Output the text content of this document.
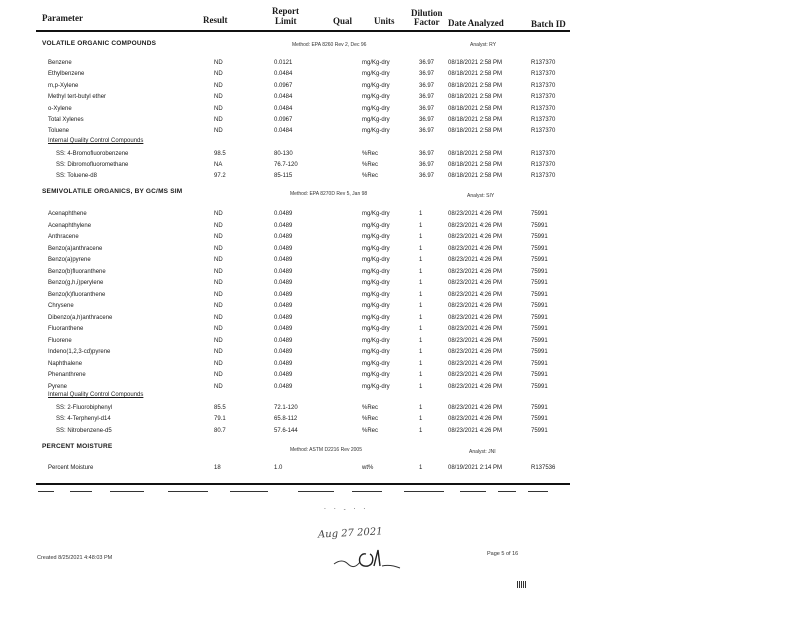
Parameter	Result
Report
Limit	Qual Units
Dilution
Factor Date Analyzed	Batch ID
VOLATILE ORGANIC COMPOUNDS	Method: EPA 8260 Rev 2, Dec 96	Analyst: RY
Benzene	ND	0.0121	mg/Kg-dry	36.97 08/18/2021 2:58 PM	R137370
Ethylbenzene	ND	0.0484	mg/Kg-dry	36.97 08/18/2021 2:58 PM	R137370
m,p-Xylene	ND	0.0967	mg/Kg-dry	36.97 08/18/2021 2:58 PM	R137370
Methyl tert-butyl ether	ND	0.0484	mg/Kg-dry	36.97 08/18/2021 2:58 PM	R137370
o-Xylene	ND	0.0484	mg/Kg-dry	36.97 08/18/2021 2:58 PM	R137370
Total Xylenes	ND	0.0967	mg/Kg-dry	36.97 08/18/2021 2:58 PM	R137370
Toluene	ND	0.0484	mg/Kg-dry	36.97 08/18/2021 2:58 PM	R137370
Internal Quality Control Compounds
SS: 4-Bromofluorobenzene	98.5	80-130	%Rec	36.97 08/18/2021 2:58 PM	R137370
SS: Dibromofluoromethane	NA	76.7-120	%Rec	36.97 08/18/2021 2:58 PM	R137370
SS: Toluene-d8	97.2	85-115	%Rec	36.97 08/18/2021 2:58 PM	R137370
SEMIVOLATILE ORGANICS, BY GC/MS SIM	Method: EPA 8270D Rev 5, Jan 98	Analyst: SIY
Acenaphthene	ND	0.0489	mg/Kg-dry	1	08/23/2021 4:26 PM	75991
Acenaphthylene	ND	0.0489	mg/Kg-dry	1	08/23/2021 4:26 PM	75991
Anthracene	ND	0.0489	mg/Kg-dry	1	08/23/2021 4:26 PM	75991
Benzo(a)anthracene	ND	0.0489	mg/Kg-dry	1	08/23/2021 4:26 PM	75991
Benzo(a)pyrene	ND	0.0489	mg/Kg-dry	1	08/23/2021 4:26 PM	75991
Benzo(b)fluoranthene	ND	0.0489	mg/Kg-dry	1	08/23/2021 4:26 PM	75991
Benzo(g,h,i)perylene	ND	0.0489	mg/Kg-dry	1	08/23/2021 4:26 PM	75991
Benzo(k)fluoranthene	ND	0.0489	mg/Kg-dry	1	08/23/2021 4:26 PM	75991
Chrysene	ND	0.0489	mg/Kg-dry	1	08/23/2021 4:26 PM	75991
Dibenzo(a,h)anthracene	ND	0.0489	mg/Kg-dry	1	08/23/2021 4:26 PM	75991
Fluoranthene	ND	0.0489	mg/Kg-dry	1	08/23/2021 4:26 PM	75991
Fluorene	ND	0.0489	mg/Kg-dry	1	08/23/2021 4:26 PM	75991
Indeno(1,2,3-cd)pyrene	ND	0.0489	mg/Kg-dry	1	08/23/2021 4:26 PM	75991
Naphthalene	ND	0.0489	mg/Kg-dry	1	08/23/2021 4:26 PM	75991
Phenanthrene	ND	0.0489	mg/Kg-dry	1	08/23/2021 4:26 PM	75991
Pyrene	ND	0.0489	mg/Kg-dry	1	08/23/2021 4:26 PM	75991
Internal Quality Control Compounds
SS: 2-Fluorobiphenyl	85.5	72.1-120	%Rec	1	08/23/2021 4:26 PM	75991
SS: 4-Terphenyl-d14	79.1	65.8-112	%Rec	1	08/23/2021 4:26 PM	75991
SS: Nitrobenzene-d5	80.7	57.6-144	%Rec	1	08/23/2021 4:26 PM	75991
PERCENT MOISTURE	Method: ASTM D2216 Rev 2005	Analyst: JNI
Percent Moisture	18	1.0	wt%	1	08/19/2021 2:14 PM	R137536
· · - · ·
Aug 27 2021
Created 8/25/2021 4:48:03 PM
Page 5 of 16
